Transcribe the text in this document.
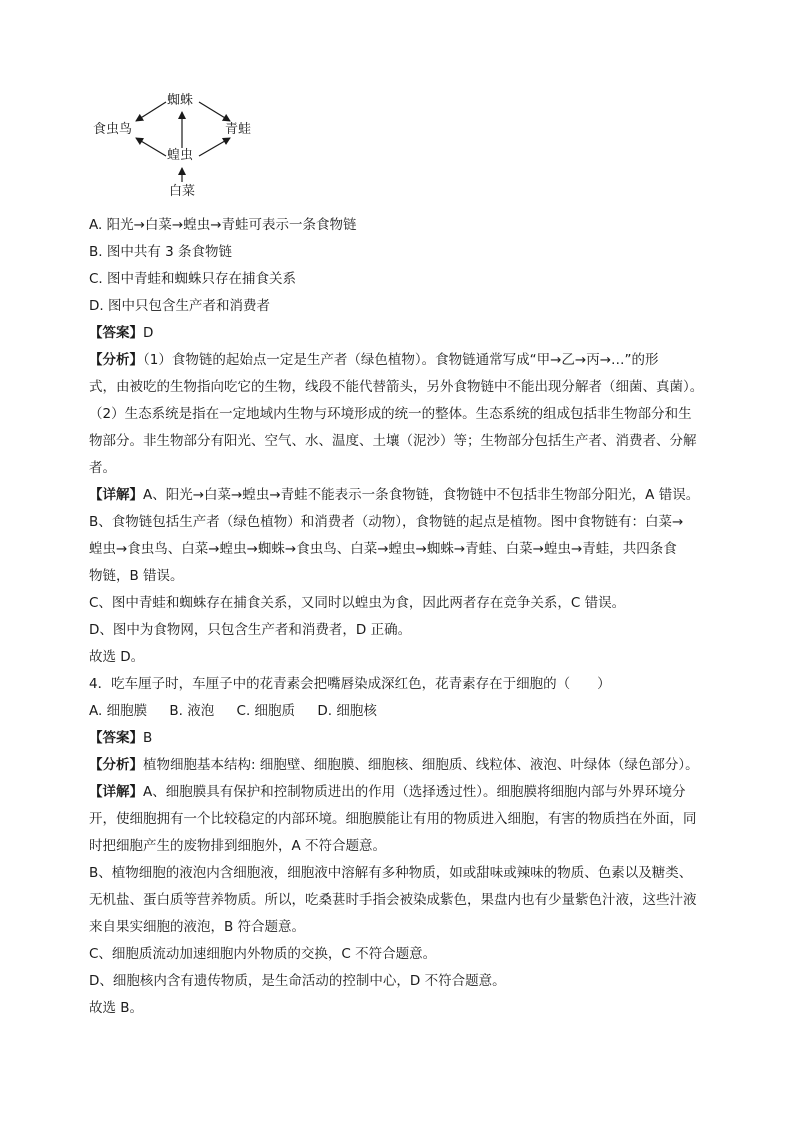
蜘蛛
食虫鸟	青蛙
蝗虫
白菜
A. 阳光→白菜→蝗虫→青蛙可表示一条食物链
B. 图中共有 3 条食物链
C. 图中青蛙和蜘蛛只存在捕食关系
D. 图中只包含生产者和消费者
【答案】D
【分析】（1）食物链的起始点一定是生产者（绿色植物）。食物链通常写成“甲→乙→丙→…”的形
式，由被吃的生物指向吃它的生物，线段不能代替箭头，另外食物链中不能出现分解者（细菌、真菌）。
（2）生态系统是指在一定地域内生物与环境形成的统一的整体。生态系统的组成包括非生物部分和生
物部分。非生物部分有阳光、空气、水、温度、土壤（泥沙）等；生物部分包括生产者、消费者、分解
者。
【详解】A、阳光→白菜→蝗虫→青蛙不能表示一条食物链，食物链中不包括非生物部分阳光，A 错误。
B、食物链包括生产者（绿色植物）和消费者（动物），食物链的起点是植物。图中食物链有：白菜→
蝗虫→食虫鸟、白菜→蝗虫→蜘蛛→食虫鸟、白菜→蝗虫→蜘蛛→青蛙、白菜→蝗虫→青蛙，共四条食
物链，B 错误。
C、图中青蛙和蜘蛛存在捕食关系，又同时以蝗虫为食，因此两者存在竞争关系，C 错误。
D、图中为食物网，只包含生产者和消费者，D 正确。
故选 D。
4．吃车厘子时，车厘子中的花青素会把嘴唇染成深红色，花青素存在于细胞的（　　）
A. 细胞膜 B. 液泡 C. 细胞质 D. 细胞核
【答案】B
【分析】植物细胞基本结构: 细胞壁、细胞膜、细胞核、细胞质、线粒体、液泡、叶绿体（绿色部分）。
【详解】A、细胞膜具有保护和控制物质进出的作用（选择透过性）。细胞膜将细胞内部与外界环境分
开，使细胞拥有一个比较稳定的内部环境。细胞膜能让有用的物质进入细胞，有害的物质挡在外面，同
时把细胞产生的废物排到细胞外，A 不符合题意。
B、植物细胞的液泡内含细胞液，细胞液中溶解有多种物质，如或甜味或辣味的物质、色素以及糖类、
无机盐、蛋白质等营养物质。所以，吃桑葚时手指会被染成紫色，果盘内也有少量紫色汁液，这些汁液
来自果实细胞的液泡，B 符合题意。
C、细胞质流动加速细胞内外物质的交换，C 不符合题意。
D、细胞核内含有遗传物质，是生命活动的控制中心，D 不符合题意。
故选 B。
